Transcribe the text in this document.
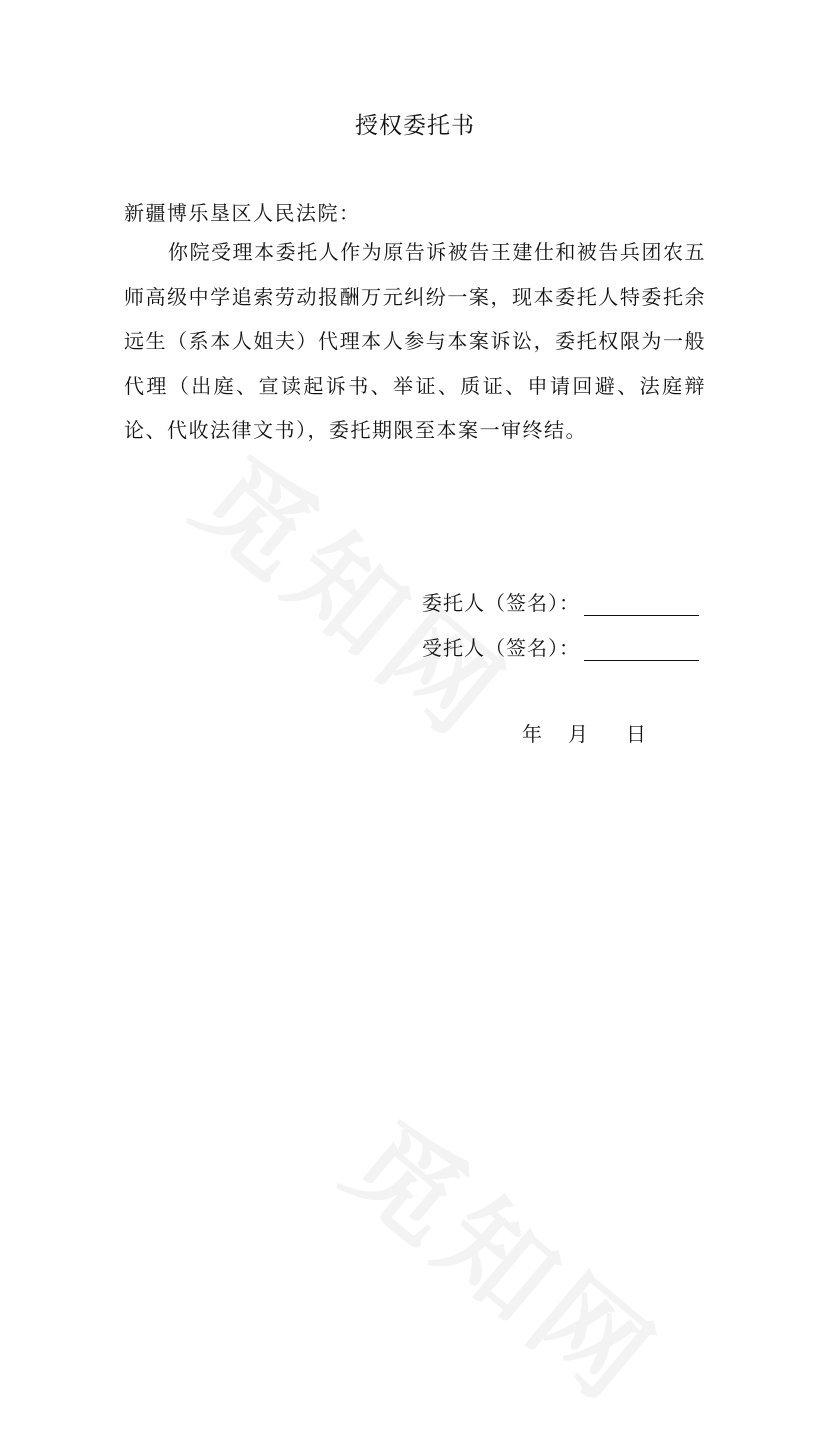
授权委托书
新疆博乐垦区人民法院：

你院受理本委托人作为原告诉被告王建仕和被告兵团农五师高级中学追索劳动报酬万元纠纷一案，现本委托人特委托余远生（系本人姐夫）代理本人参与本案诉讼，委托权限为一般代理（出庭、宣读起诉书、举证、质证、申请回避、法庭辩论、代收法律文书），委托期限至本案一审终结。

委托人（签名）：
受托人（签名）：
年 月 日
